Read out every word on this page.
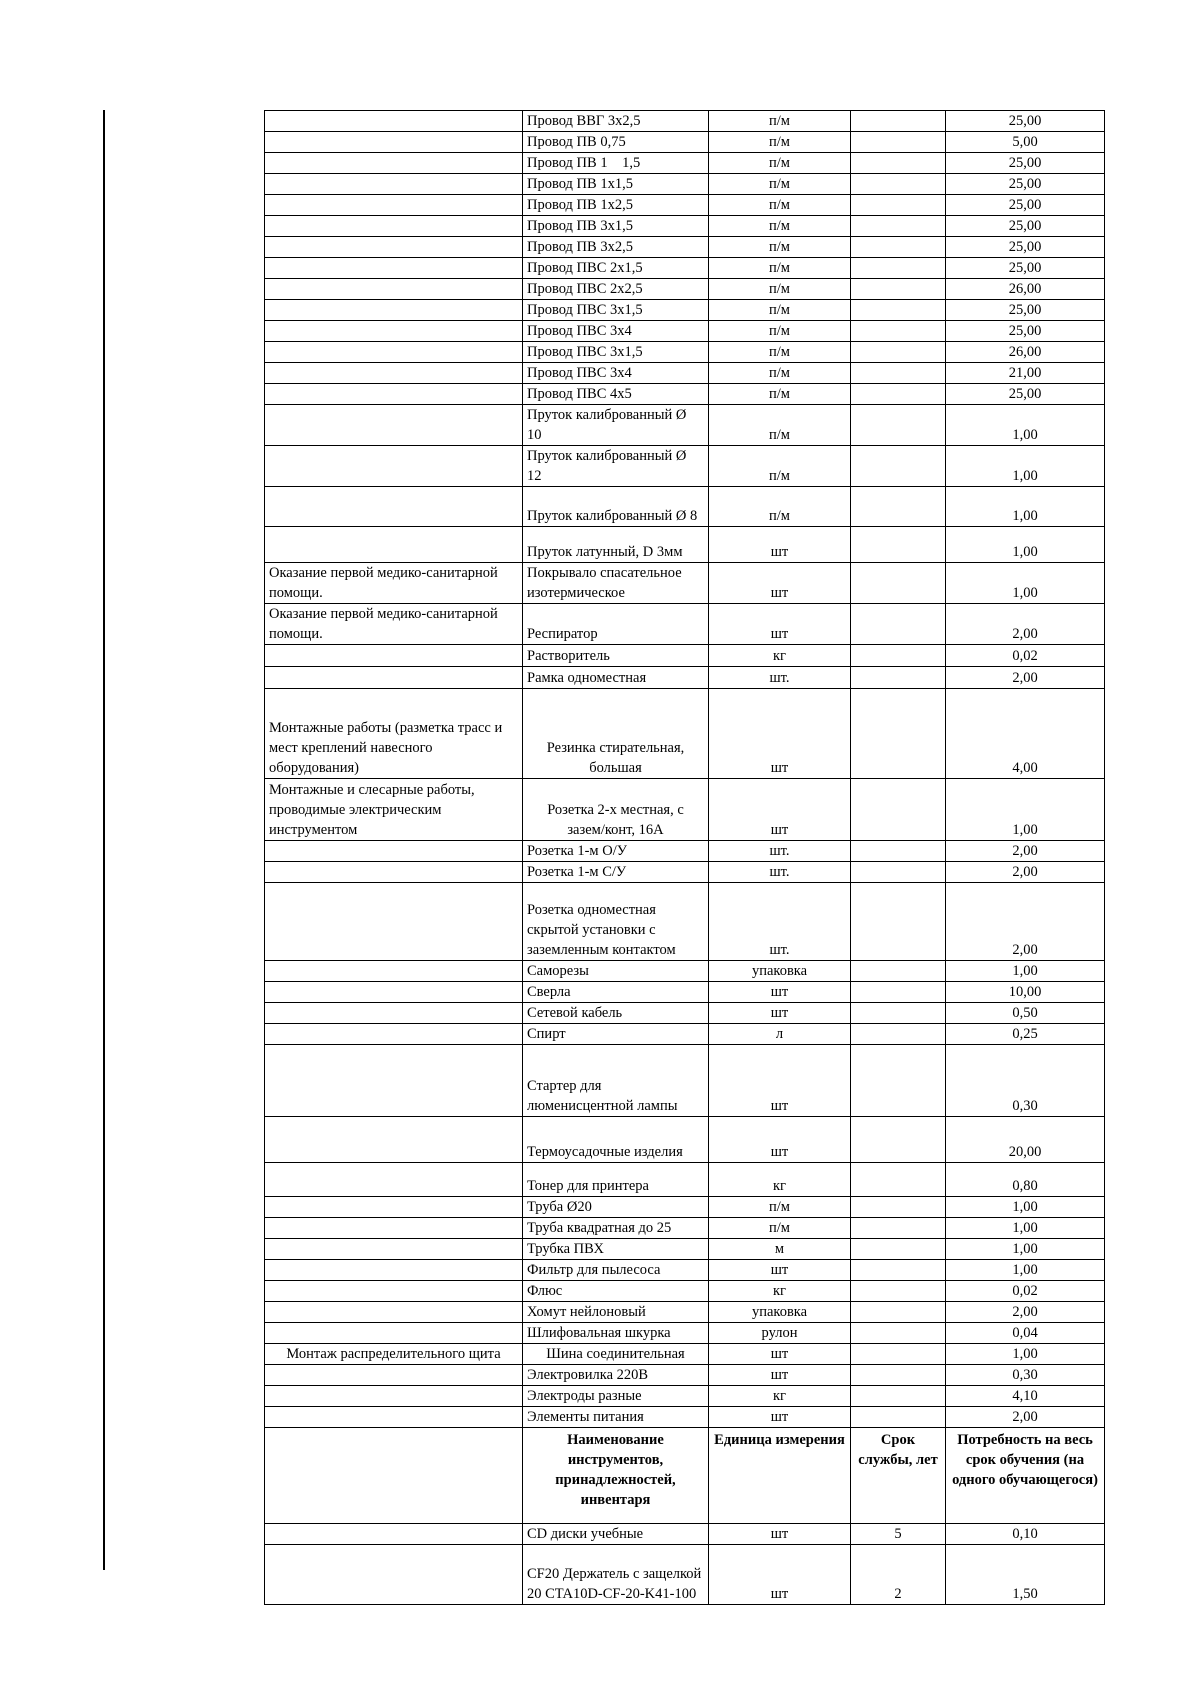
	Провод ВВГ 3х2,5	п/м		25,00
	Провод ПВ 0,75	п/м		5,00
	Провод ПВ 1    1,5	п/м		25,00
	Провод ПВ 1х1,5	п/м		25,00
	Провод ПВ 1х2,5	п/м		25,00
	Провод ПВ 3х1,5	п/м		25,00
	Провод ПВ 3х2,5	п/м		25,00
	Провод ПВС 2х1,5	п/м		25,00
	Провод ПВС 2х2,5	п/м		26,00
	Провод ПВС 3х1,5	п/м		25,00
	Провод ПВС 3х4	п/м		25,00
	Провод ПВС 3х1,5	п/м		26,00
	Провод ПВС 3х4	п/м		21,00
	Провод ПВС 4х5	п/м		25,00
	Пруток калиброванный Ø 10	п/м		1,00
	Пруток калиброванный Ø 12	п/м		1,00
	Пруток калиброванный Ø 8	п/м		1,00
	Пруток латунный, D 3мм	шт		1,00
Оказание первой медико-санитарной помощи.	Покрывало спасательное изотермическое	шт		1,00
Оказание первой медико-санитарной помощи.	Респиратор	шт		2,00
	Растворитель	кг		0,02
	Рамка одноместная	шт.		2,00
Монтажные работы (разметка трасс и мест креплений навесного оборудования)	Резинка стирательная, большая	шт		4,00
Монтажные и слесарные работы, проводимые электрическим инструментом	Розетка 2-х местная, с зазем/конт, 16А	шт		1,00
	Розетка 1-м О/У	шт.		2,00
	Розетка 1-м С/У	шт.		2,00
	Розетка одноместная скрытой установки с заземленным контактом	шт.		2,00
	Саморезы	упаковка		1,00
	Сверла	шт		10,00
	Сетевой кабель	шт		0,50
	Спирт	л		0,25
	Стартер для люменисцентной лампы	шт		0,30
	Термоусадочные изделия	шт		20,00
	Тонер для принтера	кг		0,80
	Труба Ø20	п/м		1,00
	Труба квадратная до 25	п/м		1,00
	Трубка ПВХ	м		1,00
	Фильтр для пылесоса	шт		1,00
	Флюс	кг		0,02
	Хомут нейлоновый	упаковка		2,00
	Шлифовальная шкурка	рулон		0,04
Монтаж распределительного щита	Шина соединительная	шт		1,00
	Электровилка 220В	шт		0,30
	Электроды разные	кг		4,10
	Элементы питания	шт		2,00
	Наименование инструментов, принадлежностей, инвентаря	Единица измерения	Срок службы, лет	Потребность на весь срок обучения (на одного обучающегося)
	CD диски учебные	шт	5	0,10
	CF20 Держатель с защелкой 20 CTA10D-CF-20-K41-100	шт	2	1,50
